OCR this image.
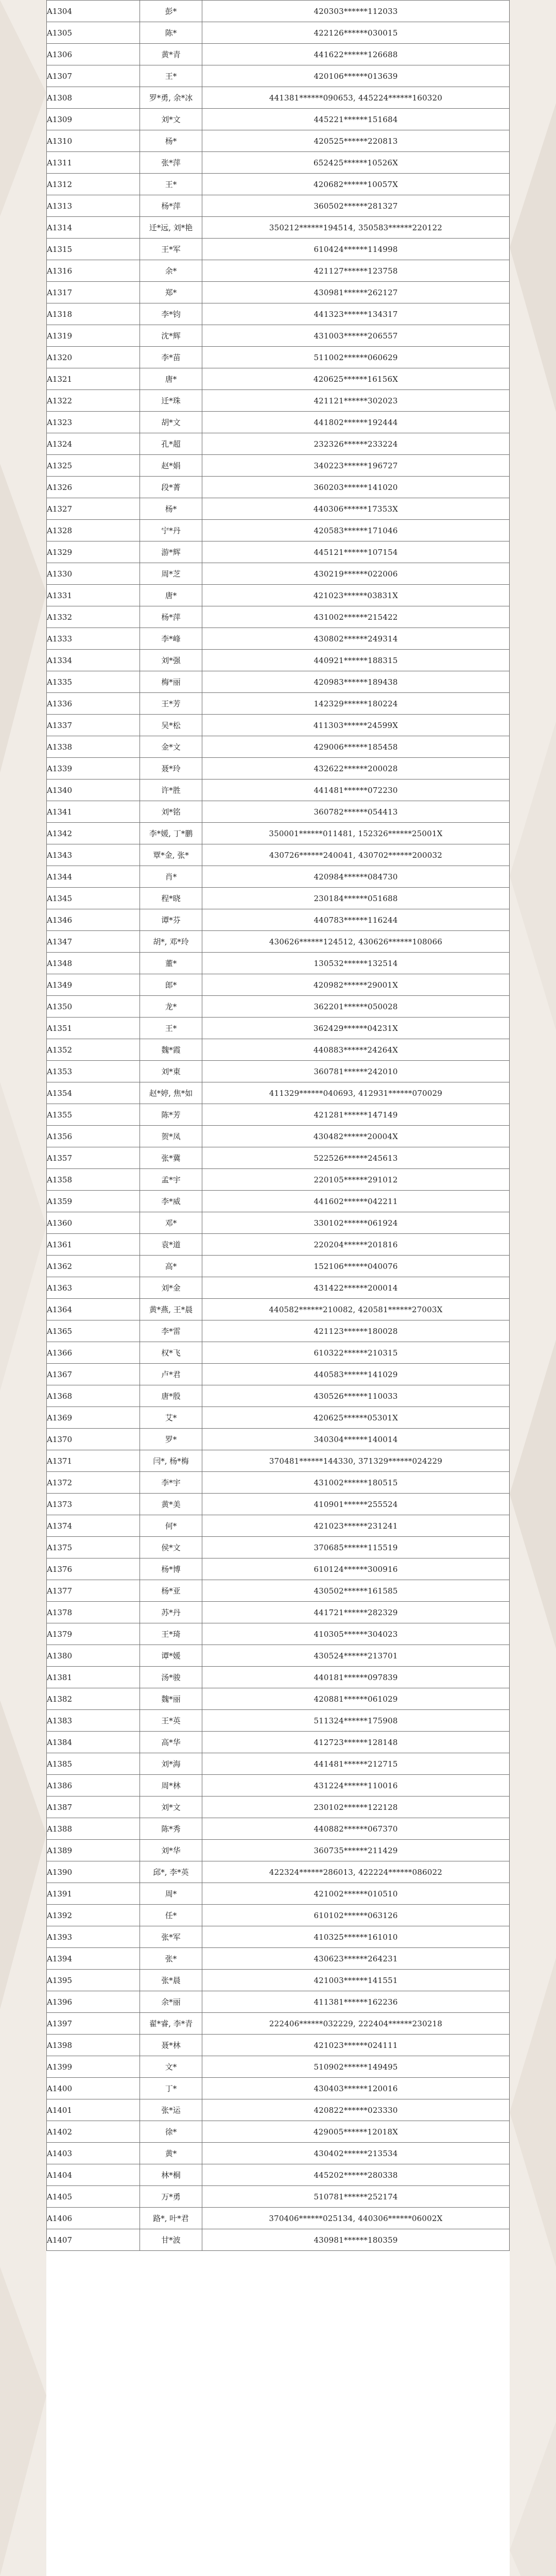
A1304	彭*	420303******112033
A1305	陈*	422126******030015
A1306	黄*青	441622******126688
A1307	王*	420106******013639
A1308	罗*勇, 余*冰	441381******090653, 445224******160320
A1309	刘*文	445221******151684
A1310	杨*	420525******220813
A1311	张*萍	652425******10526X
A1312	王*	420682******10057X
A1313	杨*萍	360502******281327
A1314	迁*远, 刘*艳	350212******194514, 350583******220122
A1315	王*军	610424******114998
A1316	余*	421127******123758
A1317	郑*	430981******262127
A1318	李*钧	441323******134317
A1319	沈*辉	431003******206557
A1320	李*苗	511002******060629
A1321	唐*	420625******16156X
A1322	迁*珠	421121******302023
A1323	胡*文	441802******192444
A1324	孔*超	232326******233224
A1325	赵*娟	340223******196727
A1326	段*菁	360203******141020
A1327	杨*	440306******17353X
A1328	宁*丹	420583******171046
A1329	游*辉	445121******107154
A1330	周*芝	430219******022006
A1331	唐*	421023******03831X
A1332	杨*萍	431002******215422
A1333	李*峰	430802******249314
A1334	刘*强	440921******188315
A1335	梅*丽	420983******189438
A1336	王*芳	142329******180224
A1337	吴*松	411303******24599X
A1338	金*文	429006******185458
A1339	聂*玲	432622******200028
A1340	许*胜	441481******072230
A1341	刘*铭	360782******054413
A1342	李*媛, 丁*鹏	350001******011481, 152326******25001X
A1343	覃*金, 张*	430726******240041, 430702******200032
A1344	肖*	420984******084730
A1345	程*晓	230184******051688
A1346	谭*芬	440783******116244
A1347	胡*, 邓*玲	430626******124512, 430626******108066
A1348	董*	130532******132514
A1349	郎*	420982******29001X
A1350	龙*	362201******050028
A1351	王*	362429******04231X
A1352	魏*霞	440883******24264X
A1353	刘*東	360781******242010
A1354	赵*婷, 焦*如	411329******040693, 412931******070029
A1355	陈*芳	421281******147149
A1356	贺*凤	430482******20004X
A1357	张*冀	522526******245613
A1358	孟*宇	220105******291012
A1359	李*威	441602******042211
A1360	邓*	330102******061924
A1361	袁*道	220204******201816
A1362	高*	152106******040076
A1363	刘*金	431422******200014
A1364	黄*燕, 王*晨	440582******210082, 420581******27003X
A1365	李*雷	421123******180028
A1366	权*飞	610322******210315
A1367	卢*君	440583******141029
A1368	唐*殷	430526******110033
A1369	艾*	420625******05301X
A1370	罗*	340304******140014
A1371	闫*, 杨*梅	370481******144330, 371329******024229
A1372	李*宇	431002******180515
A1373	黄*美	410901******255524
A1374	何*	421023******231241
A1375	侯*文	370685******115519
A1376	杨*博	610124******300916
A1377	杨*亚	430502******161585
A1378	苏*丹	441721******282329
A1379	王*琦	410305******304023
A1380	谭*媛	430524******213701
A1381	汤*骏	440181******097839
A1382	魏*丽	420881******061029
A1383	王*英	511324******175908
A1384	高*华	412723******128148
A1385	刘*海	441481******212715
A1386	周*林	431224******110016
A1387	刘*文	230102******122128
A1388	陈*秀	440882******067370
A1389	刘*华	360735******211429
A1390	邱*, 李*英	422324******286013, 422224******086022
A1391	周*	421002******010510
A1392	任*	610102******063126
A1393	张*军	410325******161010
A1394	张*	430623******264231
A1395	张*晨	421003******141551
A1396	余*丽	411381******162236
A1397	翟*睿, 李*青	222406******032229, 222404******230218
A1398	聂*林	421023******024111
A1399	文*	510902******149495
A1400	丁*	430403******120016
A1401	张*运	420822******023330
A1402	徐*	429005******12018X
A1403	黄*	430402******213534
A1404	林*桐	445202******280338
A1405	万*勇	510781******252174
A1406	路*, 叶*君	370406******025134, 440306******06002X
A1407	甘*波	430981******180359
